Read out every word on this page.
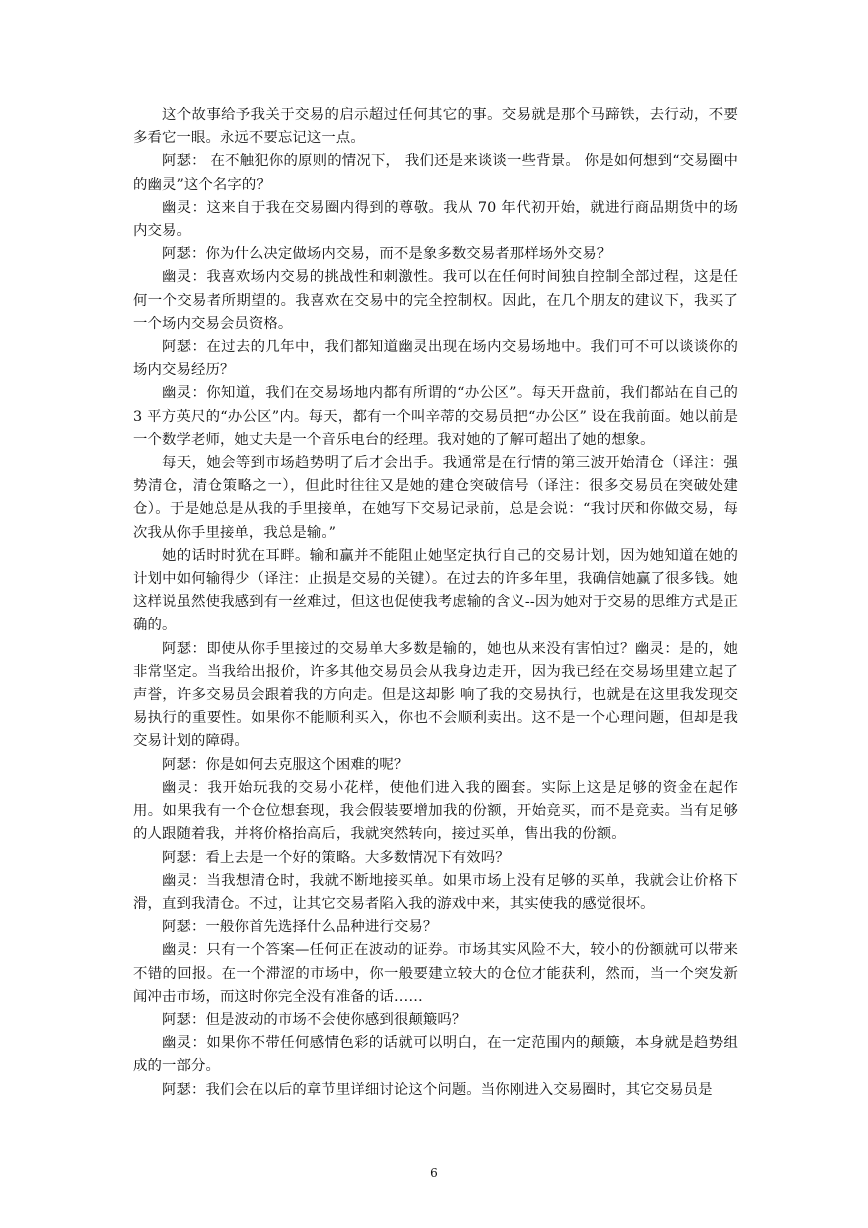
这个故事给予我关于交易的启示超过任何其它的事。交易就是那个马蹄铁，去行动，不要多看它一眼。永远不要忘记这一点。

阿瑟： 在不触犯你的原则的情况下， 我们还是来谈谈一些背景。 你是如何想到“交易圈中的幽灵”这个名字的？

幽灵：这来自于我在交易圈内得到的尊敬。我从 70 年代初开始，就进行商品期货中的场内交易。

阿瑟：你为什么决定做场内交易，而不是象多数交易者那样场外交易？

幽灵：我喜欢场内交易的挑战性和刺激性。我可以在任何时间独自控制全部过程，这是任何一个交易者所期望的。我喜欢在交易中的完全控制权。因此，在几个朋友的建议下，我买了一个场内交易会员资格。

阿瑟：在过去的几年中，我们都知道幽灵出现在场内交易场地中。我们可不可以谈谈你的场内交易经历？

幽灵：你知道，我们在交易场地内都有所谓的“办公区”。每天开盘前，我们都站在自己的 3 平方英尺的“办公区”内。每天，都有一个叫辛蒂的交易员把“办公区” 设在我前面。她以前是一个数学老师，她丈夫是一个音乐电台的经理。我对她的了解可超出了她的想象。

每天，她会等到市场趋势明了后才会出手。我通常是在行情的第三波开始清仓（译注：强势清仓，清仓策略之一），但此时往往又是她的建仓突破信号（译注：很多交易员在突破处建仓）。于是她总是从我的手里接单，在她写下交易记录前，总是会说：“我讨厌和你做交易，每次我从你手里接单，我总是输。”

她的话时时犹在耳畔。输和赢并不能阻止她坚定执行自己的交易计划，因为她知道在她的计划中如何输得少（译注：止损是交易的关键）。在过去的许多年里，我确信她赢了很多钱。她这样说虽然使我感到有一丝难过，但这也促使我考虑输的含义--因为她对于交易的思维方式是正确的。

阿瑟：即使从你手里接过的交易单大多数是输的，她也从来没有害怕过？幽灵：是的，她非常坚定。当我给出报价，许多其他交易员会从我身边走开，因为我已经在交易场里建立起了声誉，许多交易员会跟着我的方向走。但是这却影 响了我的交易执行，也就是在这里我发现交易执行的重要性。如果你不能顺利买入，你也不会顺利卖出。这不是一个心理问题，但却是我交易计划的障碍。

阿瑟：你是如何去克服这个困难的呢？

幽灵：我开始玩我的交易小花样，使他们进入我的圈套。实际上这是足够的资金在起作用。如果我有一个仓位想套现，我会假装要增加我的份额，开始竞买，而不是竞卖。当有足够的人跟随着我，并将价格抬高后，我就突然转向，接过买单，售出我的份额。

阿瑟：看上去是一个好的策略。大多数情况下有效吗？

幽灵：当我想清仓时，我就不断地接买单。如果市场上没有足够的买单，我就会让价格下滑，直到我清仓。不过，让其它交易者陷入我的游戏中来，其实使我的感觉很坏。

阿瑟：一般你首先选择什么品种进行交易？

幽灵：只有一个答案—任何正在波动的证券。市场其实风险不大，较小的份额就可以带来不错的回报。在一个滞涩的市场中，你一般要建立较大的仓位才能获利，然而，当一个突发新闻冲击市场，而这时你完全没有准备的话……

阿瑟：但是波动的市场不会使你感到很颠簸吗？

幽灵：如果你不带任何感情色彩的话就可以明白，在一定范围内的颠簸，本身就是趋势组成的一部分。

阿瑟：我们会在以后的章节里详细讨论这个问题。当你刚进入交易圈时，其它交易员是

6
